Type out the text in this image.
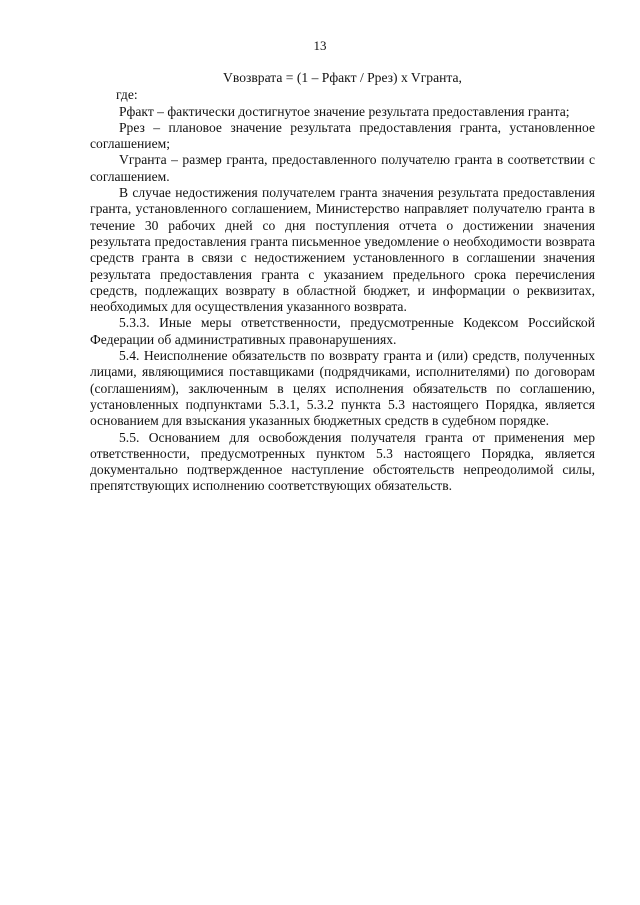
13

Vвозврата = (1 – Рфакт / Ррез) x Vгранта,

где:

Рфакт – фактически достигнутое значение результата предоставления гранта;

Ррез – плановое значение результата предоставления гранта, установленное соглашением;

Vгранта – размер гранта, предоставленного получателю гранта в соответствии с соглашением.

В случае недостижения получателем гранта значения результата предоставления гранта, установленного соглашением, Министерство направляет получателю гранта в течение 30 рабочих дней со дня поступления отчета о достижении значения результата предоставления гранта письменное уведомление о необходимости возврата средств гранта в связи с недостижением установленного в соглашении значения результата предоставления гранта с указанием предельного срока перечисления средств, подлежащих возврату в областной бюджет, и информации о реквизитах, необходимых для осуществления указанного возврата.

5.3.3. Иные меры ответственности, предусмотренные Кодексом Российской Федерации об административных правонарушениях.

5.4. Неисполнение обязательств по возврату гранта и (или) средств, полученных лицами, являющимися поставщиками (подрядчиками, исполнителями) по договорам (соглашениям), заключенным в целях исполнения обязательств по соглашению, установленных подпунктами 5.3.1, 5.3.2 пункта 5.3 настоящего Порядка, является основанием для взыскания указанных бюджетных средств в судебном порядке.

5.5. Основанием для освобождения получателя гранта от применения мер ответственности, предусмотренных пунктом 5.3 настоящего Порядка, является документально подтвержденное наступление обстоятельств непреодолимой силы, препятствующих исполнению соответствующих обязательств.
